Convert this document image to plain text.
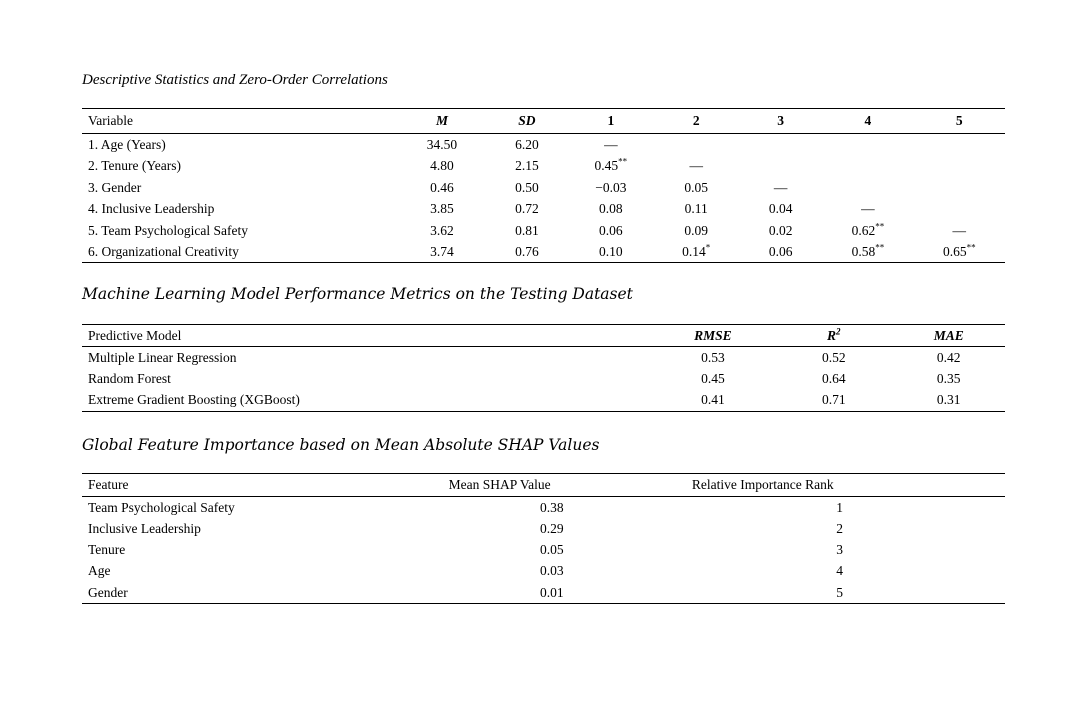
Descriptive Statistics and Zero-Order Correlations

Variable	M	SD	1	2	3	4	5
1. Age (Years)	34.50	6.20	—				
2. Tenure (Years)	4.80	2.15	0.45**	—			
3. Gender	0.46	0.50	−0.03	0.05	—		
4. Inclusive Leadership	3.85	0.72	0.08	0.11	0.04	—	
5. Team Psychological Safety	3.62	0.81	0.06	0.09	0.02	0.62**	—
6. Organizational Creativity	3.74	0.76	0.10	0.14*	0.06	0.58**	0.65**

Machine Learning Model Performance Metrics on the Testing Dataset

Predictive Model	RMSE	$R^2$	MAE
Multiple Linear Regression	0.53	0.52	0.42
Random Forest	0.45	0.64	0.35
Extreme Gradient Boosting (XGBoost)	0.41	0.71	0.31

Global Feature Importance based on Mean Absolute SHAP Values

Feature	Mean SHAP Value	Relative Importance Rank
Team Psychological Safety	0.38	1
Inclusive Leadership	0.29	2
Tenure	0.05	3
Age	0.03	4
Gender	0.01	5
